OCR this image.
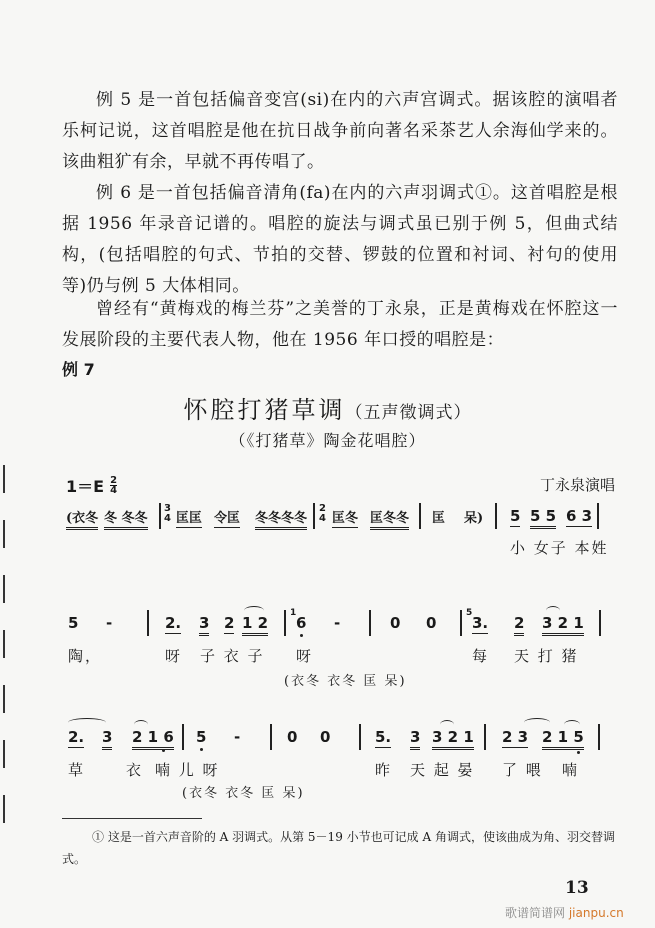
例 5 是一首包括偏音变宫(si)在内的六声宫调式。据该腔的演唱者乐柯记说，这首唱腔是他在抗日战争前向著名采茶艺人余海仙学来的。该曲粗犷有余，早就不再传唱了。
例 6 是一首包括偏音清角(fa)在内的六声羽调式①。这首唱腔是根据 1956 年录音记谱的。唱腔的旋法与调式虽已别于例 5，但曲式结构，(包括唱腔的句式、节拍的交替、锣鼓的位置和衬词、衬句的使用等)仍与例 5 大体相同。
曾经有“黄梅戏的梅兰芬”之美誉的丁永泉，正是黄梅戏在怀腔这一发展阶段的主要代表人物，他在 1956 年口授的唱腔是：
例 7
怀腔打猪草调（五声徵调式）
（《打猪草》陶金花唱腔）
$1=E \frac{2}{4}$	丁永泉演唱
(衣冬 冬 冬冬
3
4 匡匡 令匡 冬冬冬冬
2
4 匡冬 匡冬冬 匡 呆) 5 5 5 6 3
小 女子 本姓
5 -	2. 3 2 1 2
1
6 -	0 0
5
3. 2 3 2 1
陶，	呀 子 衣 子 呀	每 天 打 猪
(衣冬 衣冬 匡 呆)
2. 3 2 1 6 5 -	0 0	5. 3 3 2 1 2 3 2 1 5
草	衣 喃 儿 呀	昨 天 起 晏 了 喂 喃
(衣冬 衣冬 匡 呆)
① 这是一首六声音阶的 A 羽调式。从第 5－19 小节也可记成 A 角调式，使该曲成为角、羽交替调式。
13
歌谱简谱网 jianpu.cn
